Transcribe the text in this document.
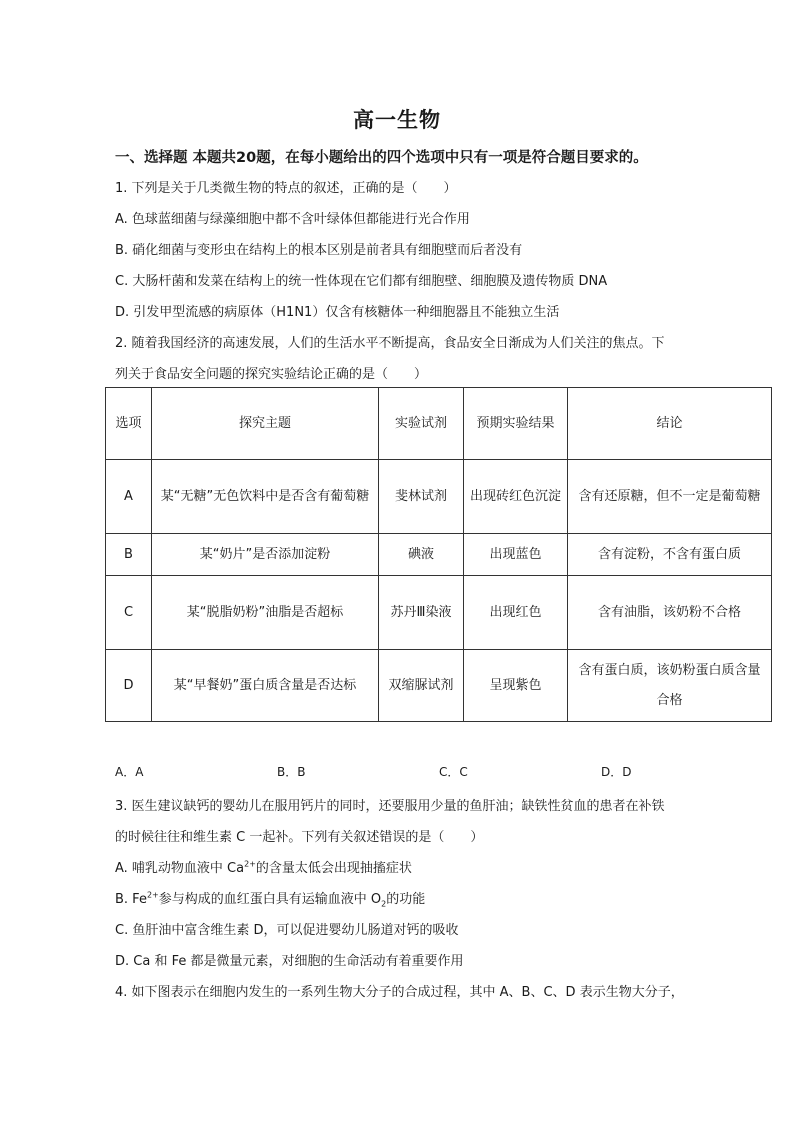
高一生物
一、选择题 本题共20题，在每小题给出的四个选项中只有一项是符合题目要求的。
1. 下列是关于几类微生物的特点的叙述，正确的是（　　）
A. 色球蓝细菌与绿藻细胞中都不含叶绿体但都能进行光合作用
B. 硝化细菌与变形虫在结构上的根本区别是前者具有细胞壁而后者没有
C. 大肠杆菌和发菜在结构上的统一性体现在它们都有细胞壁、细胞膜及遗传物质 DNA
D. 引发甲型流感的病原体（H1N1）仅含有核糖体一种细胞器且不能独立生活
2. 随着我国经济的高速发展，人们的生活水平不断提高，食品安全日渐成为人们关注的焦点。下
列关于食品安全问题的探究实验结论正确的是（　　）
选项	探究主题	实验试剂	预期实验结果	结论
A	某“无糖”无色饮料中是否含有葡萄糖	斐林试剂	出现砖红色沉淀	含有还原糖，但不一定是葡萄糖
B	某“奶片”是否添加淀粉	碘液	出现蓝色	含有淀粉，不含有蛋白质
C	某“脱脂奶粉”油脂是否超标	苏丹Ⅲ染液	出现红色	含有油脂，该奶粉不合格
D	某“早餐奶”蛋白质含量是否达标	双缩脲试剂	呈现紫色	含有蛋白质，该奶粉蛋白质含量合格
A．A	B．B	C．C	D．D
3. 医生建议缺钙的婴幼儿在服用钙片的同时，还要服用少量的鱼肝油；缺铁性贫血的患者在补铁
的时候往往和维生素 C 一起补。下列有关叙述错误的是（　　）
A. 哺乳动物血液中 $Ca^{2+}$的含量太低会出现抽搐症状
B. $Fe^{2+}$参与构成的血红蛋白具有运输血液中 $O_2$的功能
C. 鱼肝油中富含维生素 D，可以促进婴幼儿肠道对钙的吸收
D. Ca 和 Fe 都是微量元素，对细胞的生命活动有着重要作用
4. 如下图表示在细胞内发生的一系列生物大分子的合成过程，其中 A、B、C、D 表示生物大分子，
